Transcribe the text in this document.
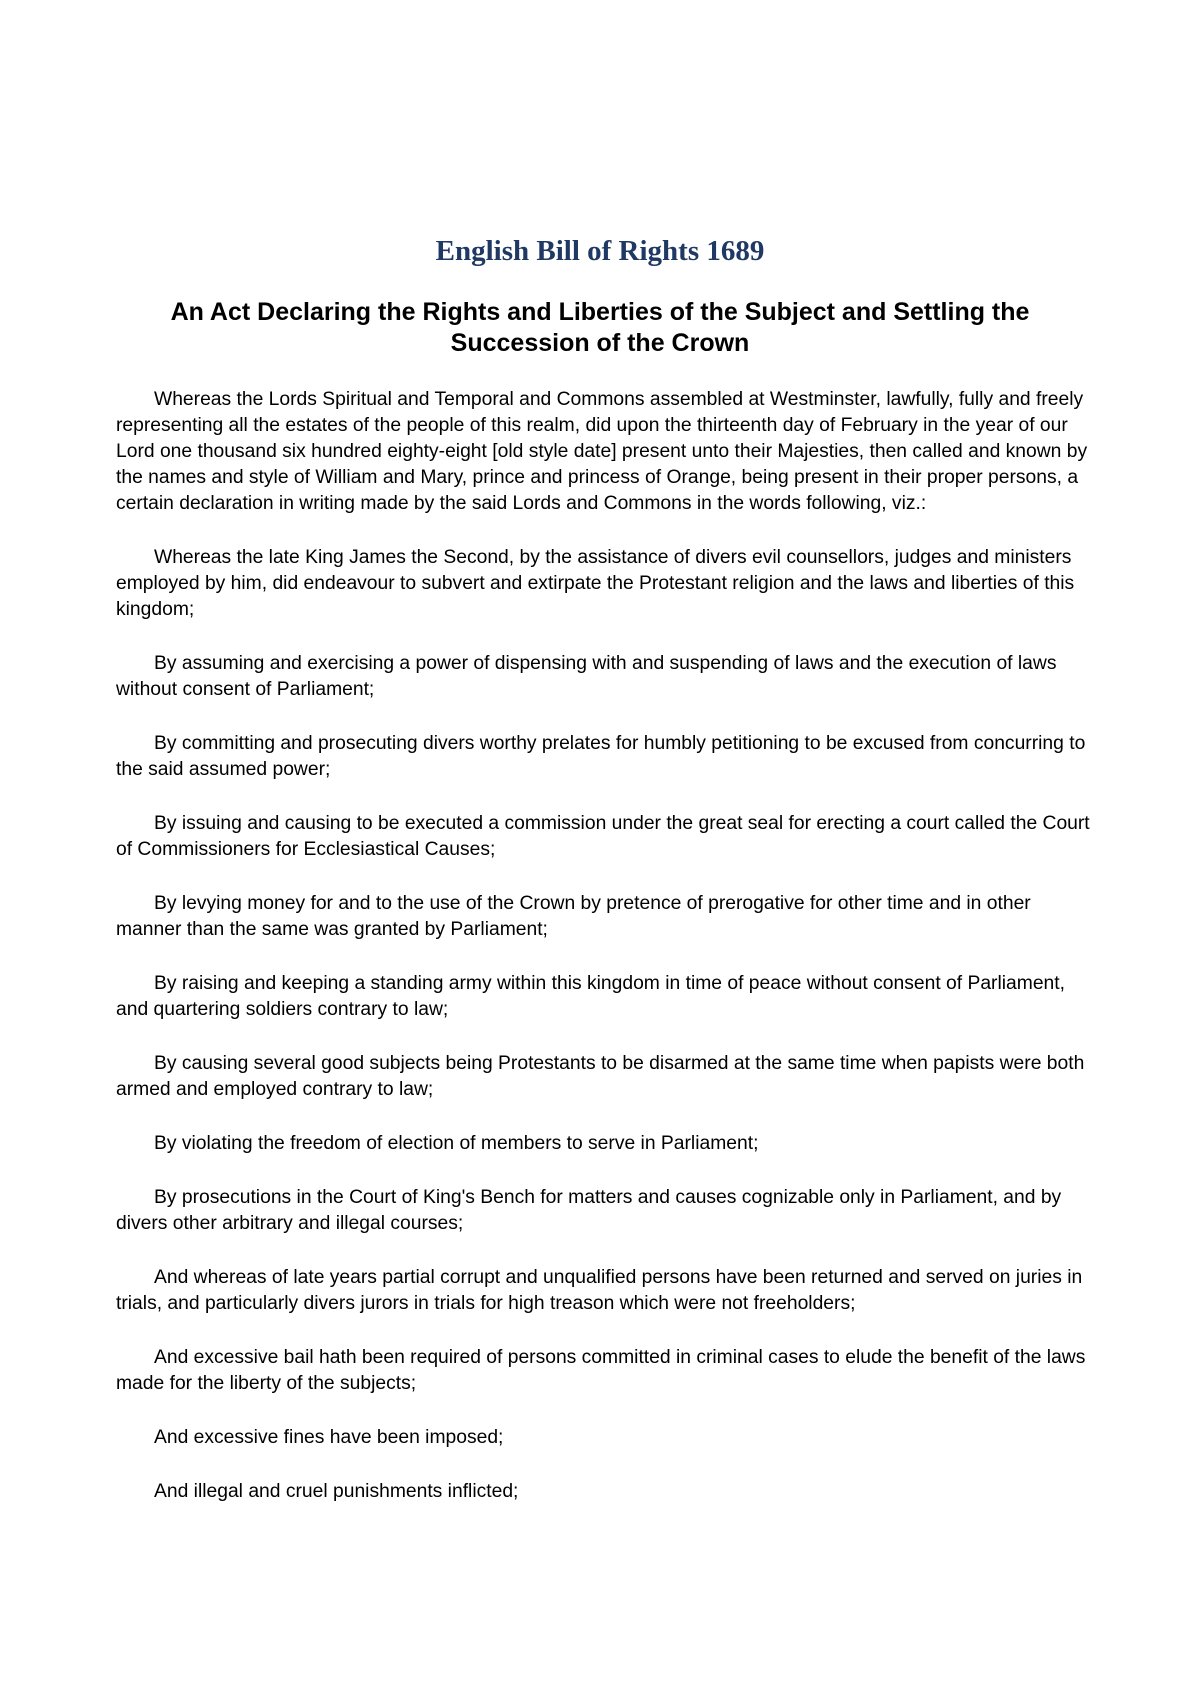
English Bill of Rights 1689
An Act Declaring the Rights and Liberties of the Subject and Settling the Succession of the Crown

Whereas the Lords Spiritual and Temporal and Commons assembled at Westminster, lawfully, fully and freely representing all the estates of the people of this realm, did upon the thirteenth day of February in the year of our Lord one thousand six hundred eighty-eight [old style date] present unto their Majesties, then called and known by the names and style of William and Mary, prince and princess of Orange, being present in their proper persons, a certain declaration in writing made by the said Lords and Commons in the words following, viz.:

Whereas the late King James the Second, by the assistance of divers evil counsellors, judges and ministers employed by him, did endeavour to subvert and extirpate the Protestant religion and the laws and liberties of this kingdom;

By assuming and exercising a power of dispensing with and suspending of laws and the execution of laws without consent of Parliament;

By committing and prosecuting divers worthy prelates for humbly petitioning to be excused from concurring to the said assumed power;

By issuing and causing to be executed a commission under the great seal for erecting a court called the Court of Commissioners for Ecclesiastical Causes;

By levying money for and to the use of the Crown by pretence of prerogative for other time and in other manner than the same was granted by Parliament;

By raising and keeping a standing army within this kingdom in time of peace without consent of Parliament, and quartering soldiers contrary to law;

By causing several good subjects being Protestants to be disarmed at the same time when papists were both armed and employed contrary to law;

By violating the freedom of election of members to serve in Parliament;

By prosecutions in the Court of King's Bench for matters and causes cognizable only in Parliament, and by divers other arbitrary and illegal courses;

And whereas of late years partial corrupt and unqualified persons have been returned and served on juries in trials, and particularly divers jurors in trials for high treason which were not freeholders;

And excessive bail hath been required of persons committed in criminal cases to elude the benefit of the laws made for the liberty of the subjects;

And excessive fines have been imposed;

And illegal and cruel punishments inflicted;
